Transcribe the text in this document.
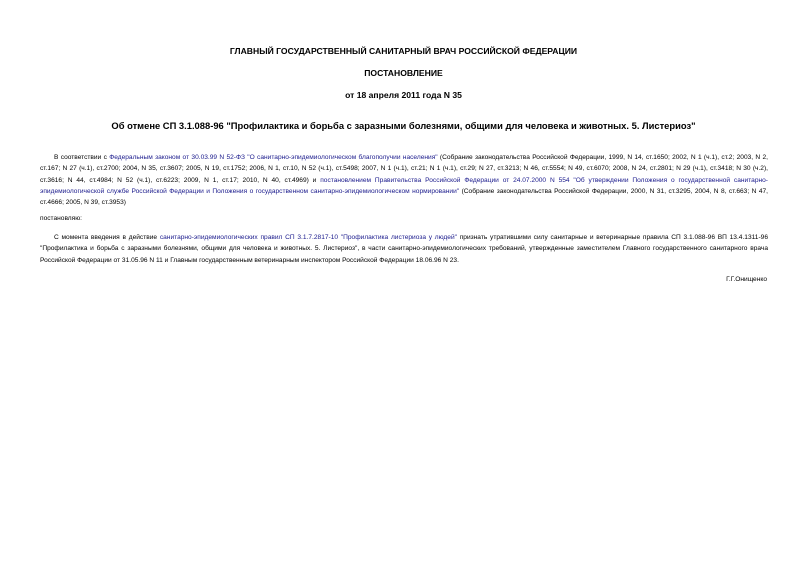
ГЛАВНЫЙ ГОСУДАРСТВЕННЫЙ САНИТАРНЫЙ ВРАЧ РОССИЙСКОЙ ФЕДЕРАЦИИ
ПОСТАНОВЛЕНИЕ
от 18 апреля 2011 года N 35
Об отмене СП 3.1.088-96 "Профилактика и борьба с заразными болезнями, общими для человека и животных. 5. Листериоз"
В соответствии с Федеральным законом от 30.03.99 N 52-ФЗ "О санитарно-эпидемиологическом благополучии населения" (Собрание законодательства Российской Федерации, 1999, N 14, ст.1650; 2002, N 1 (ч.1), ст.2; 2003, N 2, ст.167; N 27 (ч.1), ст.2700; 2004, N 35, ст.3607; 2005, N 19, ст.1752; 2006, N 1, ст.10, N 52 (ч.1), ст.5498; 2007, N 1 (ч.1), ст.21; N 1 (ч.1), ст.29; N 27, ст.3213; N 46, ст.5554; N 49, ст.6070; 2008, N 24, ст.2801; N 29 (ч.1), ст.3418; N 30 (ч.2), ст.3616; N 44, ст.4984; N 52 (ч.1), ст.6223; 2009, N 1, ст.17; 2010, N 40, ст.4969) и постановлением Правительства Российской Федерации от 24.07.2000 N 554 "Об утверждении Положения о государственной санитарно-эпидемиологической службе Российской Федерации и Положения о государственном санитарно-эпидемиологическом нормировании" (Собрание законодательства Российской Федерации, 2000, N 31, ст.3295, 2004, N 8, ст.663; N 47, ст.4666; 2005, N 39, ст.3953)
постановляю:
С момента введения в действие санитарно-эпидемиологических правил СП 3.1.7.2817-10 "Профилактика листериоза у людей" признать утратившими силу санитарные и ветеринарные правила СП 3.1.088-96 ВП 13.4.1311-96 "Профилактика и борьба с заразными болезнями, общими для человека и животных. 5. Листериоз", в части санитарно-эпидемиологических требований, утвержденные заместителем Главного государственного санитарного врача Российской Федерации от 31.05.96 N 11 и Главным государственным ветеринарным инспектором Российской Федерации 18.06.96 N 23.
Г.Г.Онищенко
